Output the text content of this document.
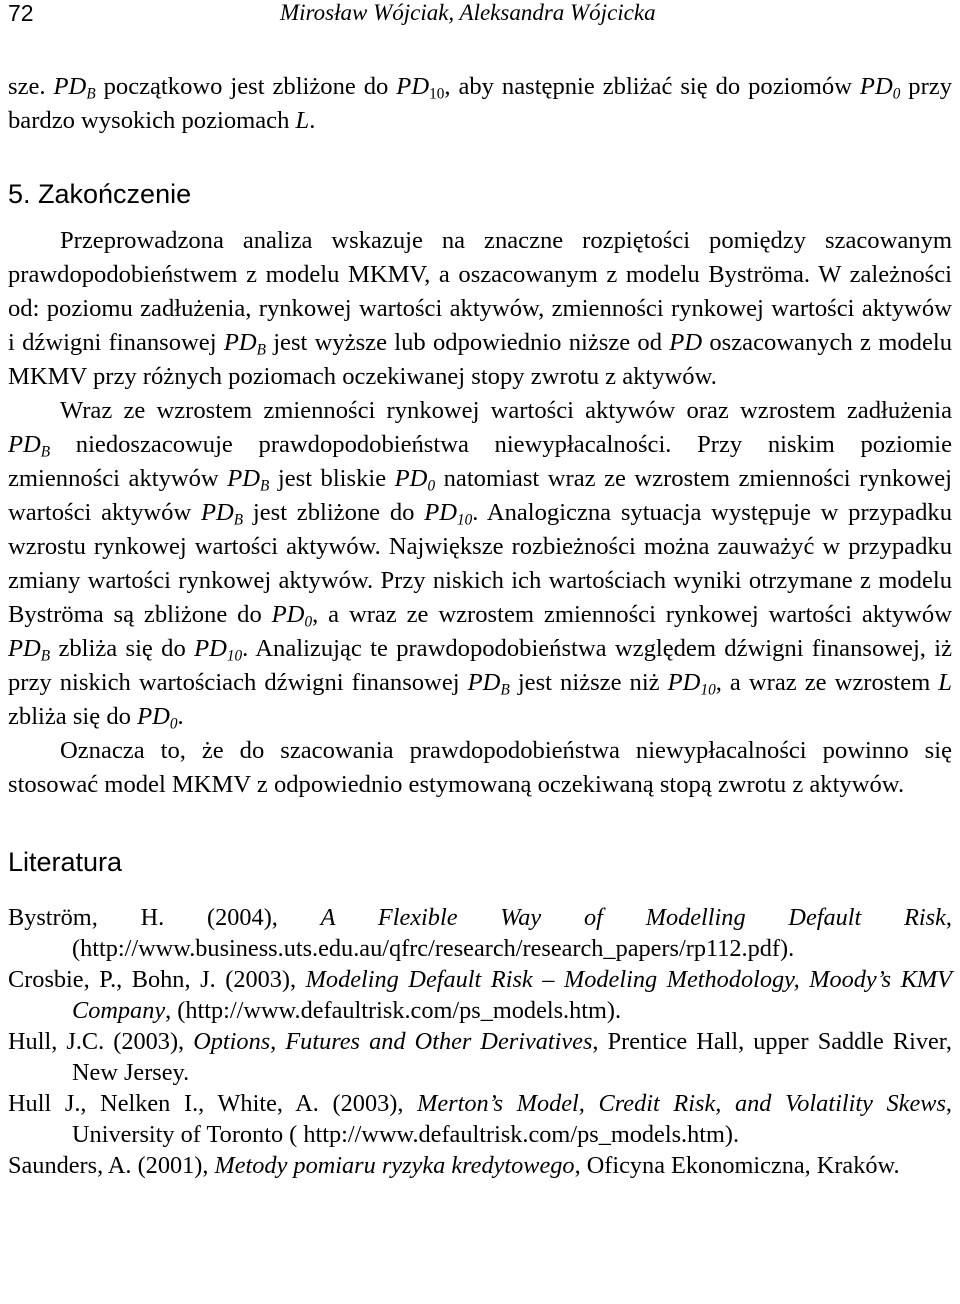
72	Mirosław Wójciak, Aleksandra Wójcicka

sze. $PD_B$ początkowo jest zbliżone do $PD_{10}$, aby następnie zbliżać się do poziomów $PD_0$ przy bardzo wysokich poziomach L.

5. Zakończenie

Przeprowadzona analiza wskazuje na znaczne rozpiętości pomiędzy szacowanym prawdopodobieństwem z modelu MKMV, a oszacowanym z modelu Byströma. W zależności od: poziomu zadłużenia, rynkowej wartości aktywów, zmienności rynkowej wartości aktywów i dźwigni finansowej $PD_B$ jest wyższe lub odpowiednio niższe od PD oszacowanych z modelu MKMV przy różnych poziomach oczekiwanej stopy zwrotu z aktywów.

Wraz ze wzrostem zmienności rynkowej wartości aktywów oraz wzrostem zadłużenia $PD_B$ niedoszacowuje prawdopodobieństwa niewypłacalności. Przy niskim poziomie zmienności aktywów $PD_B$ jest bliskie $PD_0$ natomiast wraz ze wzrostem zmienności rynkowej wartości aktywów $PD_B$ jest zbliżone do $PD_{10}$. Analogiczna sytuacja występuje w przypadku wzrostu rynkowej wartości aktywów. Największe rozbieżności można zauważyć w przypadku zmiany wartości rynkowej aktywów. Przy niskich ich wartościach wyniki otrzymane z modelu Byströma są zbliżone do $PD_0$, a wraz ze wzrostem zmienności rynkowej wartości aktywów $PD_B$ zbliża się do $PD_{10}$. Analizując te prawdopodobieństwa względem dźwigni finansowej, iż przy niskich wartościach dźwigni finansowej $PD_B$ jest niższe niż $PD_{10}$, a wraz ze wzrostem L zbliża się do $PD_0$.

Oznacza to, że do szacowania prawdopodobieństwa niewypłacalności powinno się stosować model MKMV z odpowiednio estymowaną oczekiwaną stopą zwrotu z aktywów.

Literatura

Byström, H. (2004), A Flexible Way of Modelling Default Risk, (http://www.business.uts.edu.au/qfrc/research/research_papers/rp112.pdf).

Crosbie, P., Bohn, J. (2003), Modeling Default Risk – Modeling Methodology, Moody’s KMV Company, (http://www.defaultrisk.com/ps_models.htm).

Hull, J.C. (2003), Options, Futures and Other Derivatives, Prentice Hall, upper Saddle River, New Jersey.

Hull J., Nelken I., White, A. (2003), Merton’s Model, Credit Risk, and Volatility Skews, University of Toronto ( http://www.defaultrisk.com/ps_models.htm).

Saunders, A. (2001), Metody pomiaru ryzyka kredytowego, Oficyna Ekonomiczna, Kraków.
